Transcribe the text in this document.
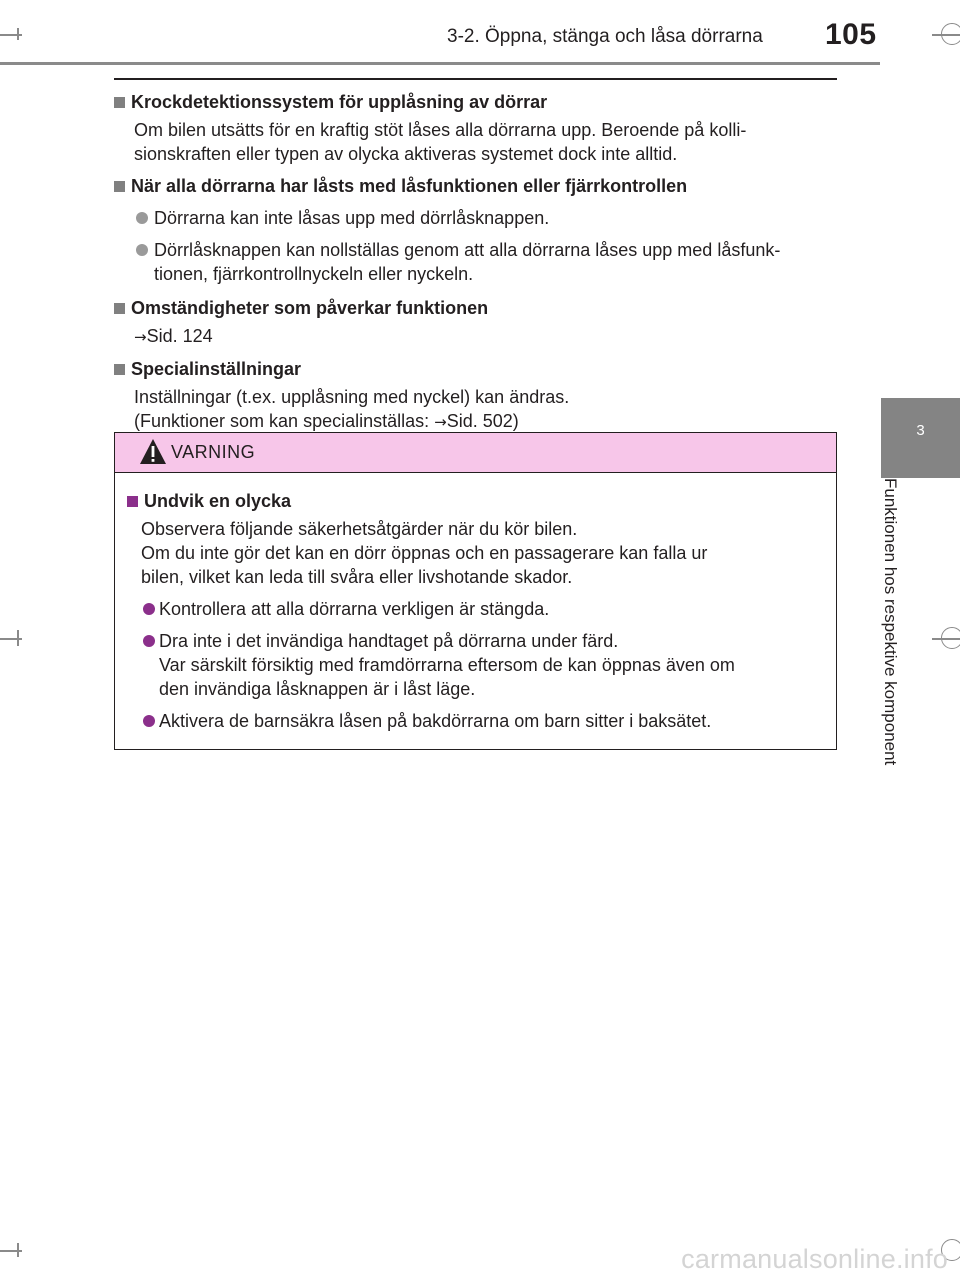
3-2. Öppna, stänga och låsa dörrarna 105
3
Funktionen hos respektive komponent
Krockdetektionssystem för upplåsning av dörrar
Om bilen utsätts för en kraftig stöt låses alla dörrarna upp. Beroende på kolli-
sionskraften eller typen av olycka aktiveras systemet dock inte alltid.
När alla dörrarna har låsts med låsfunktionen eller fjärrkontrollen
Dörrarna kan inte låsas upp med dörrlåsknappen.
Dörrlåsknappen kan nollställas genom att alla dörrarna låses upp med låsfunk-
tionen, fjärrkontrollnyckeln eller nyckeln.
Omständigheter som påverkar funktionen
→Sid. 124
Specialinställningar
Inställningar (t.ex. upplåsning med nyckel) kan ändras.
(Funktioner som kan specialinställas: →Sid. 502)
VARNING
Undvik en olycka
Observera följande säkerhetsåtgärder när du kör bilen.
Om du inte gör det kan en dörr öppnas och en passagerare kan falla ur
bilen, vilket kan leda till svåra eller livshotande skador.
Kontrollera att alla dörrarna verkligen är stängda.
Dra inte i det invändiga handtaget på dörrarna under färd.
Var särskilt försiktig med framdörrarna eftersom de kan öppnas även om
den invändiga låsknappen är i låst läge.
Aktivera de barnsäkra låsen på bakdörrarna om barn sitter i baksätet.
carmanualsonline.info
